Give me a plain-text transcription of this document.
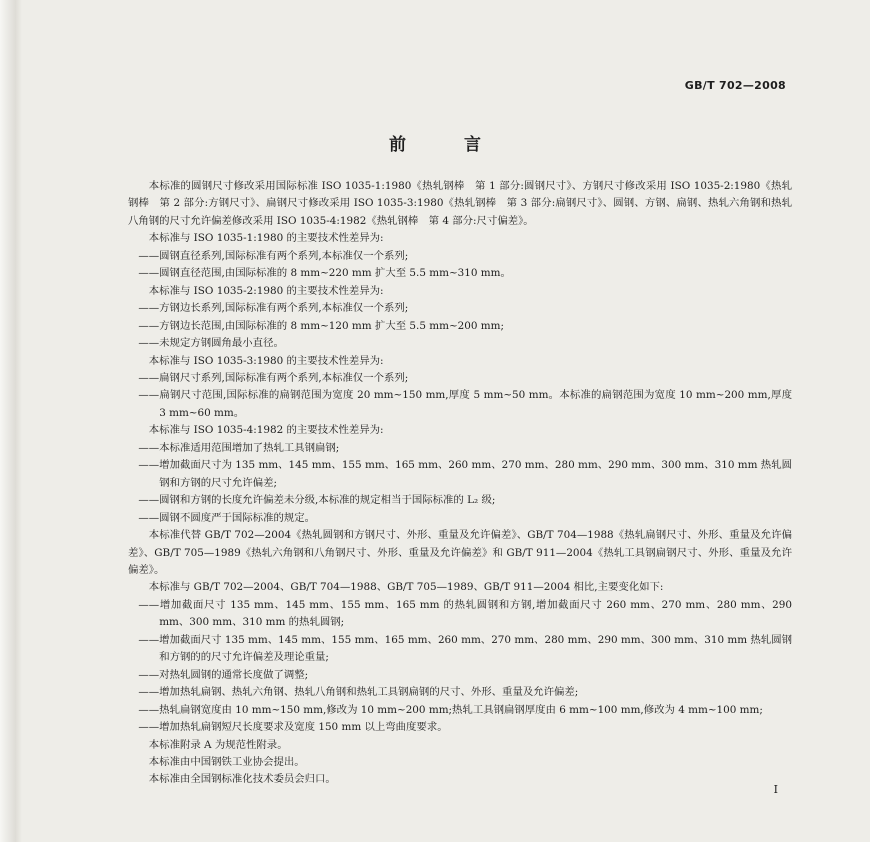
GB/T 702—2008
前 言

本标准的圆钢尺寸修改采用国际标准 ISO 1035-1:1980《热轧钢棒　第 1 部分:圆钢尺寸》、方钢尺寸修改采用 ISO 1035-2:1980《热轧钢棒　第 2 部分:方钢尺寸》、扁钢尺寸修改采用 ISO 1035-3:1980《热轧钢棒　第 3 部分:扁钢尺寸》、圆钢、方钢、扁钢、热轧六角钢和热轧八角钢的尺寸允许偏差修改采用 ISO 1035-4:1982《热轧钢棒　第 4 部分:尺寸偏差》。

本标准与 ISO 1035-1:1980 的主要技术性差异为:

——圆钢直径系列,国际标准有两个系列,本标准仅一个系列;

——圆钢直径范围,由国际标准的 8 mm~220 mm 扩大至 5.5 mm~310 mm。

本标准与 ISO 1035-2:1980 的主要技术性差异为:

——方钢边长系列,国际标准有两个系列,本标准仅一个系列;

——方钢边长范围,由国际标准的 8 mm~120 mm 扩大至 5.5 mm~200 mm;

——未规定方钢圆角最小直径。

本标准与 ISO 1035-3:1980 的主要技术性差异为:

——扁钢尺寸系列,国际标准有两个系列,本标准仅一个系列;

——扁钢尺寸范围,国际标准的扁钢范围为宽度 20 mm~150 mm,厚度 5 mm~50 mm。本标准的扁钢范围为宽度 10 mm~200 mm,厚度 3 mm~60 mm。

本标准与 ISO 1035-4:1982 的主要技术性差异为:

——本标准适用范围增加了热轧工具钢扁钢;

——增加截面尺寸为 135 mm、145 mm、155 mm、165 mm、260 mm、270 mm、280 mm、290 mm、300 mm、310 mm 热轧圆钢和方钢的尺寸允许偏差;

——圆钢和方钢的长度允许偏差未分级,本标准的规定相当于国际标准的 L₂ 级;

——圆钢不圆度严于国际标准的规定。

本标准代替 GB/T 702—2004《热轧圆钢和方钢尺寸、外形、重量及允许偏差》、GB/T 704—1988《热轧扁钢尺寸、外形、重量及允许偏差》、GB/T 705—1989《热轧六角钢和八角钢尺寸、外形、重量及允许偏差》和 GB/T 911—2004《热轧工具钢扁钢尺寸、外形、重量及允许偏差》。

本标准与 GB/T 702—2004、GB/T 704—1988、GB/T 705—1989、GB/T 911—2004 相比,主要变化如下:

——增加截面尺寸 135 mm、145 mm、155 mm、165 mm 的热轧圆钢和方钢,增加截面尺寸 260 mm、270 mm、280 mm、290 mm、300 mm、310 mm 的热轧圆钢;

——增加截面尺寸 135 mm、145 mm、155 mm、165 mm、260 mm、270 mm、280 mm、290 mm、300 mm、310 mm 热轧圆钢和方钢的的尺寸允许偏差及理论重量;

——对热轧圆钢的通常长度做了调整;

——增加热轧扁钢、热轧六角钢、热轧八角钢和热轧工具钢扁钢的尺寸、外形、重量及允许偏差;

——热轧扁钢宽度由 10 mm~150 mm,修改为 10 mm~200 mm;热轧工具钢扁钢厚度由 6 mm~100 mm,修改为 4 mm~100 mm;

——增加热轧扁钢短尺长度要求及宽度 150 mm 以上弯曲度要求。

本标准附录 A 为规范性附录。

本标准由中国钢铁工业协会提出。

本标准由全国钢标准化技术委员会归口。

I
